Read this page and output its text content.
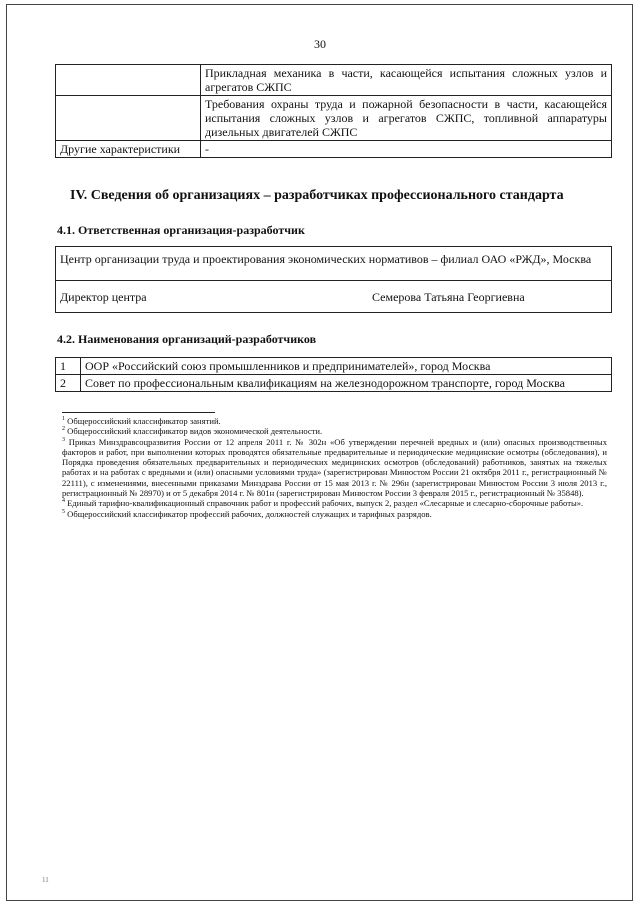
30
	Прикладная механика в части, касающейся испытания сложных узлов и агрегатов СЖПС
	Требования охраны труда и пожарной безопасности в части, касающейся испытания сложных узлов и агрегатов СЖПС, топливной аппаратуры дизельных двигателей СЖПС
Другие характеристики	-
IV. Сведения об организациях – разработчиках профессионального стандарта
4.1. Ответственная организация-разработчик
Центр организации труда и проектирования экономических нормативов – филиал ОАО «РЖД», Москва
Директор центра	Семерова Татьяна Георгиевна
4.2. Наименования организаций-разработчиков
1	ООР «Российский союз промышленников и предпринимателей», город Москва
2	Совет по профессиональным квалификациям на железнодорожном транспорте, город Москва
$^1$ Общероссийский классификатор занятий.
$^2$ Общероссийский классификатор видов экономической деятельности.
$^3$ Приказ Минздравсоцразвития России от 12 апреля 2011 г. № 302н «Об утверждении перечней вредных и (или) опасных производственных факторов и работ, при выполнении которых проводятся обязательные предварительные и периодические медицинские осмотры (обследования), и Порядка проведения обязательных предварительных и периодических медицинских осмотров (обследований) работников, занятых на тяжелых работах и на работах с вредными и (или) опасными условиями труда» (зарегистрирован Минюстом России 21 октября 2011 г., регистрационный № 22111), с изменениями, внесенными приказами Минздрава России от 15 мая 2013 г. № 296н (зарегистрирован Минюстом России 3 июля 2013 г., регистрационный № 28970) и от 5 декабря 2014 г. № 801н (зарегистрирован Минюстом России 3 февраля 2015 г., регистрационный № 35848).
$^4$ Единый тарифно-квалификационный справочник работ и профессий рабочих, выпуск 2, раздел «Слесарные и слесарно-сборочные работы».
$^5$ Общероссийский классификатор профессий рабочих, должностей служащих и тарифных разрядов.
11
